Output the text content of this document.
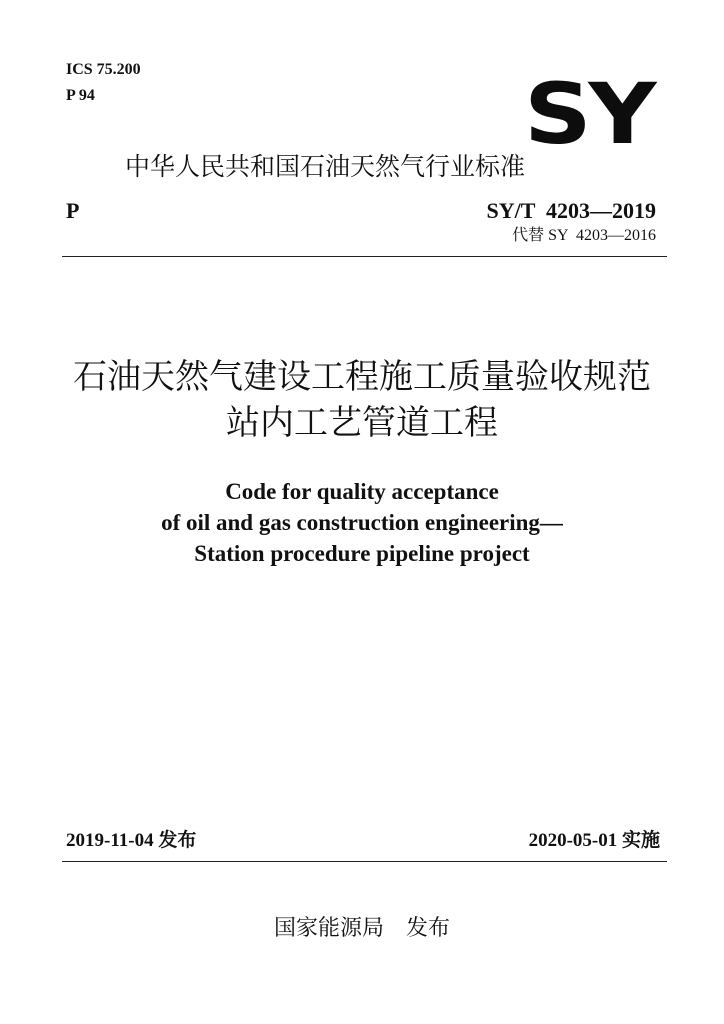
ICS 75.200
P 94	SY
中华人民共和国石油天然气行业标准
P	SY/T  4203—2019
代替 SY  4203—2016
石油天然气建设工程施工质量验收规范
站内工艺管道工程
Code for quality acceptance
of oil and gas construction engineering—
Station procedure pipeline project
2019-11-04 发布	2020-05-01 实施
国家能源局 发布
